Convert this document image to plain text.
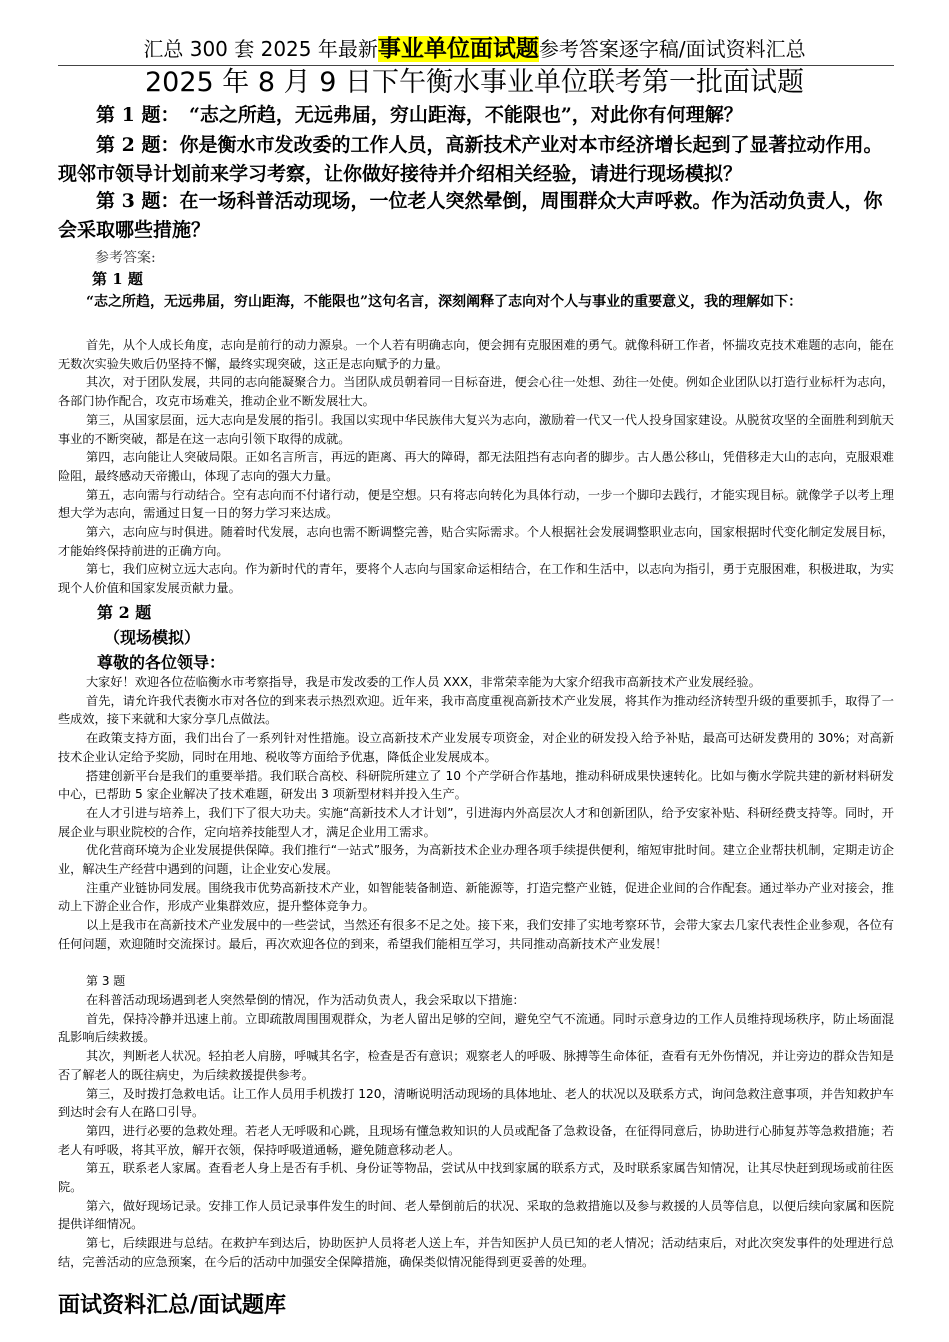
汇总 300 套 2025 年最新事业单位面试题参考答案逐字稿/面试资料汇总
2025 年 8 月 9 日下午衡水事业单位联考第一批面试题
第 1 题：　“志之所趋，无远弗届，穷山距海，不能限也”，对此你有何理解？
第 2 题：你是衡水市发改委的工作人员，高新技术产业对本市经济增长起到了显著拉动作用。现邻市领导计划前来学习考察，让你做好接待并介绍相关经验，请进行现场模拟？
第 3 题：在一场科普活动现场，一位老人突然晕倒，周围群众大声呼救。作为活动负责人，你会采取哪些措施？
参考答案:
第 1 题
“志之所趋，无远弗届，穷山距海，不能限也”这句名言，深刻阐释了志向对个人与事业的重要意义，我的理解如下：

首先，从个人成长角度，志向是前行的动力源泉。一个人若有明确志向，便会拥有克服困难的勇气。就像科研工作者，怀揣攻克技术难题的志向，能在无数次实验失败后仍坚持不懈，最终实现突破，这正是志向赋予的力量。

其次，对于团队发展，共同的志向能凝聚合力。当团队成员朝着同一目标奋进，便会心往一处想、劲往一处使。例如企业团队以打造行业标杆为志向，各部门协作配合，攻克市场难关，推动企业不断发展壮大。

第三，从国家层面，远大志向是发展的指引。我国以实现中华民族伟大复兴为志向，激励着一代又一代人投身国家建设。从脱贫攻坚的全面胜利到航天事业的不断突破，都是在这一志向引领下取得的成就。

第四，志向能让人突破局限。正如名言所言，再远的距离、再大的障碍，都无法阻挡有志向者的脚步。古人愚公移山，凭借移走大山的志向，克服艰难险阻，最终感动天帝搬山，体现了志向的强大力量。

第五，志向需与行动结合。空有志向而不付诸行动，便是空想。只有将志向转化为具体行动，一步一个脚印去践行，才能实现目标。就像学子以考上理想大学为志向，需通过日复一日的努力学习来达成。

第六，志向应与时俱进。随着时代发展，志向也需不断调整完善，贴合实际需求。个人根据社会发展调整职业志向，国家根据时代变化制定发展目标，才能始终保持前进的正确方向。

第七，我们应树立远大志向。作为新时代的青年，要将个人志向与国家命运相结合，在工作和生活中，以志向为指引，勇于克服困难，积极进取，为实现个人价值和国家发展贡献力量。

第 2 题
（现场模拟）
尊敬的各位领导：

大家好！欢迎各位莅临衡水市考察指导，我是市发改委的工作人员 XXX，非常荣幸能为大家介绍我市高新技术产业发展经验。

首先，请允许我代表衡水市对各位的到来表示热烈欢迎。近年来，我市高度重视高新技术产业发展，将其作为推动经济转型升级的重要抓手，取得了一些成效，接下来就和大家分享几点做法。

在政策支持方面，我们出台了一系列针对性措施。设立高新技术产业发展专项资金，对企业的研发投入给予补贴，最高可达研发费用的 30%；对高新技术企业认定给予奖励，同时在用地、税收等方面给予优惠，降低企业发展成本。

搭建创新平台是我们的重要举措。我们联合高校、科研院所建立了 10 个产学研合作基地，推动科研成果快速转化。比如与衡水学院共建的新材料研发中心，已帮助 5 家企业解决了技术难题，研发出 3 项新型材料并投入生产。

在人才引进与培养上，我们下了很大功夫。实施“高新技术人才计划”，引进海内外高层次人才和创新团队，给予安家补贴、科研经费支持等。同时，开展企业与职业院校的合作，定向培养技能型人才，满足企业用工需求。

优化营商环境为企业发展提供保障。我们推行“一站式”服务，为高新技术企业办理各项手续提供便利，缩短审批时间。建立企业帮扶机制，定期走访企业，解决生产经营中遇到的问题，让企业安心发展。

注重产业链协同发展。围绕我市优势高新技术产业，如智能装备制造、新能源等，打造完整产业链，促进企业间的合作配套。通过举办产业对接会，推动上下游企业合作，形成产业集群效应，提升整体竞争力。

以上是我市在高新技术产业发展中的一些尝试，当然还有很多不足之处。接下来，我们安排了实地考察环节，会带大家去几家代表性企业参观，各位有任何问题，欢迎随时交流探讨。最后，再次欢迎各位的到来，希望我们能相互学习，共同推动高新技术产业发展！

第 3 题

在科普活动现场遇到老人突然晕倒的情况，作为活动负责人，我会采取以下措施：

首先，保持冷静并迅速上前。立即疏散周围围观群众，为老人留出足够的空间，避免空气不流通。同时示意身边的工作人员维持现场秩序，防止场面混乱影响后续救援。

其次，判断老人状况。轻拍老人肩膀，呼喊其名字，检查是否有意识；观察老人的呼吸、脉搏等生命体征，查看有无外伤情况，并让旁边的群众告知是否了解老人的既往病史，为后续救援提供参考。

第三，及时拨打急救电话。让工作人员用手机拨打 120，清晰说明活动现场的具体地址、老人的状况以及联系方式，询问急救注意事项，并告知救护车到达时会有人在路口引导。

第四，进行必要的急救处理。若老人无呼吸和心跳，且现场有懂急救知识的人员或配备了急救设备，在征得同意后，协助进行心肺复苏等急救措施；若老人有呼吸，将其平放，解开衣领，保持呼吸道通畅，避免随意移动老人。

第五，联系老人家属。查看老人身上是否有手机、身份证等物品，尝试从中找到家属的联系方式，及时联系家属告知情况，让其尽快赶到现场或前往医院。

第六，做好现场记录。安排工作人员记录事件发生的时间、老人晕倒前后的状况、采取的急救措施以及参与救援的人员等信息，以便后续向家属和医院提供详细情况。

第七，后续跟进与总结。在救护车到达后，协助医护人员将老人送上车，并告知医护人员已知的老人情况；活动结束后，对此次突发事件的处理进行总结，完善活动的应急预案，在今后的活动中加强安全保障措施，确保类似情况能得到更妥善的处理。

面试资料汇总/面试题库
